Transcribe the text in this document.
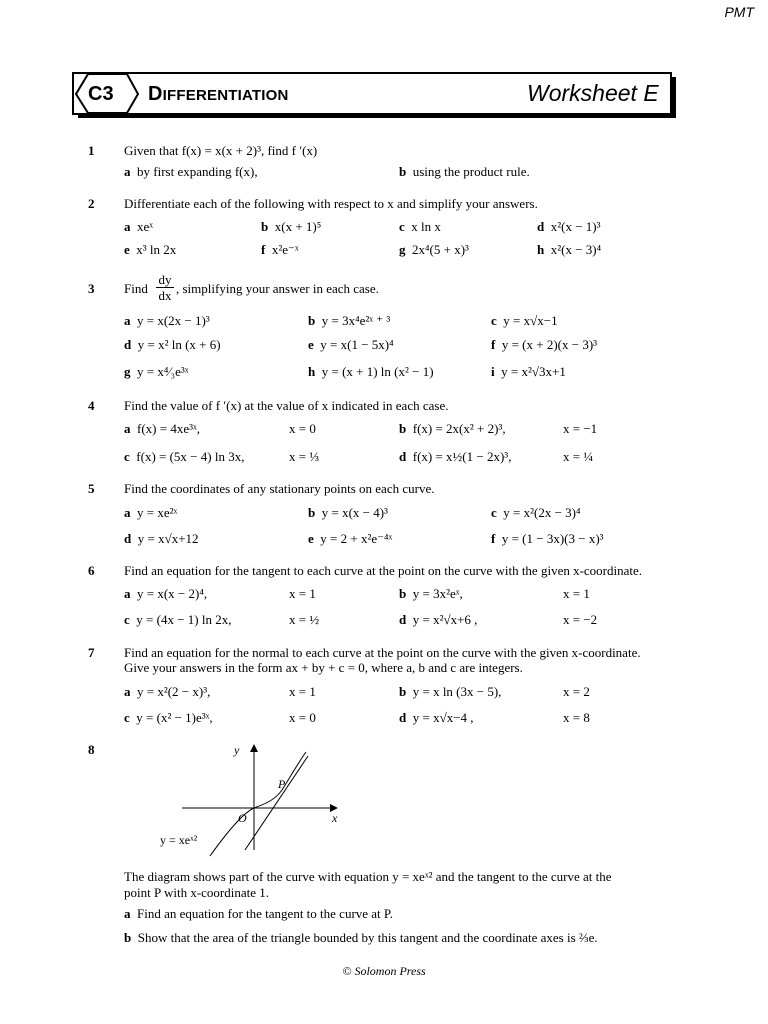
PMT
C3 DIFFERENTIATION	Worksheet E
1 Given that f(x) = x(x + 2)³, find f ′(x)
a by first expanding f(x),	b using the product rule.
2 Differentiate each of the following with respect to x and simplify your answers.
a xeˣ	b x(x + 1)⁵	c x ln x	d x²(x − 1)³
e x³ ln 2x	f x²e⁻ˣ	g 2x⁴(5 + x)³	h x²(x − 3)⁴
3 Find
dy
dx , simplifying your answer in each case.
a y = x(2x − 1)³	b y = 3x⁴e²ˣ ⁺ ³	c y = x√x−1
d y = x² ln (x + 6)	e y = x(1 − 5x)⁴	f y = (x + 2)(x − 3)³
g y = x⁴⁄₃e³ˣ	h y = (x + 1) ln (x² − 1)	i y = x²√3x+1
4 Find the value of f ′(x) at the value of x indicated in each case.
a f(x) = 4xe³ˣ,	x = 0	b f(x) = 2x(x² + 2)³,	x = −1
c f(x) = (5x − 4) ln 3x,	x = ⅓	d f(x) = x½(1 − 2x)³,	x = ¼
5 Find the coordinates of any stationary points on each curve.
a y = xe²ˣ	b y = x(x − 4)³	c y = x²(2x − 3)⁴
d y = x√x+12	e y = 2 + x²e⁻⁴ˣ	f y = (1 − 3x)(3 − x)³
6 Find an equation for the tangent to each curve at the point on the curve with the given x-coordinate.
a y = x(x − 2)⁴,	x = 1	b y = 3x²eˣ,	x = 1
c y = (4x − 1) ln 2x,	x = ½	d y = x²√x+6 ,	x = −2
7 Find an equation for the normal to each curve at the point on the curve with the given x-coordinate.
Give your answers in the form ax + by + c = 0, where a, b and c are integers.
a y = x²(2 − x)³,	x = 1	b y = x ln (3x − 5),	x = 2
c y = (x² − 1)e³ˣ,	x = 0	d y = x√x−4 ,	x = 8
8	y
x
O
P
y = xeˣ²
The diagram shows part of the curve with equation y = xeˣ² and the tangent to the curve at the
point P with x-coordinate 1.
a Find an equation for the tangent to the curve at P.
b Show that the area of the triangle bounded by this tangent and the coordinate axes is ⅔e.
© Solomon Press
